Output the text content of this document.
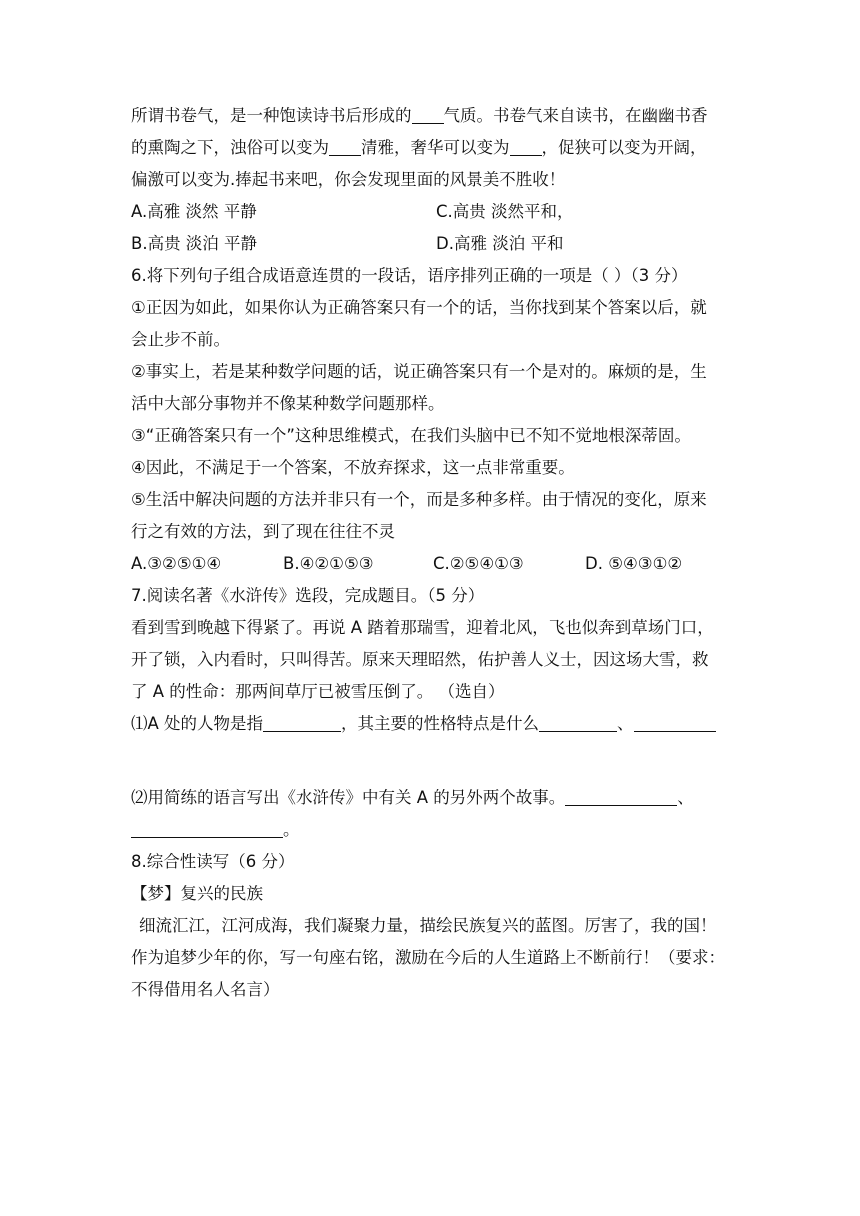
所谓书卷气，是一种饱读诗书后形成的 气质。书卷气来自读书，在幽幽书香
的熏陶之下，浊俗可以变为 清雅，奢华可以变为 ，促狭可以变为开阔，
偏激可以变为.捧起书来吧，你会发现里面的风景美不胜收！
A.高雅 淡然 平静	C.高贵 淡然平和，
B.高贵 淡泊 平静	D.高雅 淡泊 平和
6.将下列句子组合成语意连贯的一段话，语序排列正确的一项是（ ）（3 分）
①正因为如此，如果你认为正确答案只有一个的话，当你找到某个答案以后，就
会止步不前。
②事实上，若是某种数学问题的话，说正确答案只有一个是对的。麻烦的是，生
活中大部分事物并不像某种数学问题那样。
③“正确答案只有一个”这种思维模式，在我们头脑中已不知不觉地根深蒂固。
④因此，不满足于一个答案，不放弃探求，这一点非常重要。
⑤生活中解决问题的方法并非只有一个，而是多种多样。由于情况的变化，原来
行之有效的方法，到了现在往往不灵
A.③②⑤①④	B.④②①⑤③	C.②⑤④①③	D. ⑤④③①②
7.阅读名著《水浒传》选段，完成题目。（5 分）
看到雪到晚越下得紧了。再说 A 踏着那瑞雪，迎着北风，飞也似奔到草场门口，
开了锁，入内看时，只叫得苦。原来天理昭然，佑护善人义士，因这场大雪，救
了 A 的性命：那两间草厅已被雪压倒了。 （选自）
⑴A 处的人物是指	，其主要的性格特点是什么	、
⑵用简练的语言写出《水浒传》中有关 A 的另外两个故事。	、
。
8.综合性读写（6 分）
【梦】复兴的民族
细流汇江，江河成海，我们凝聚力量，描绘民族复兴的蓝图。厉害了，我的国！
作为追梦少年的你，写一句座右铭，激励在今后的人生道路上不断前行！（要求：
不得借用名人名言）
